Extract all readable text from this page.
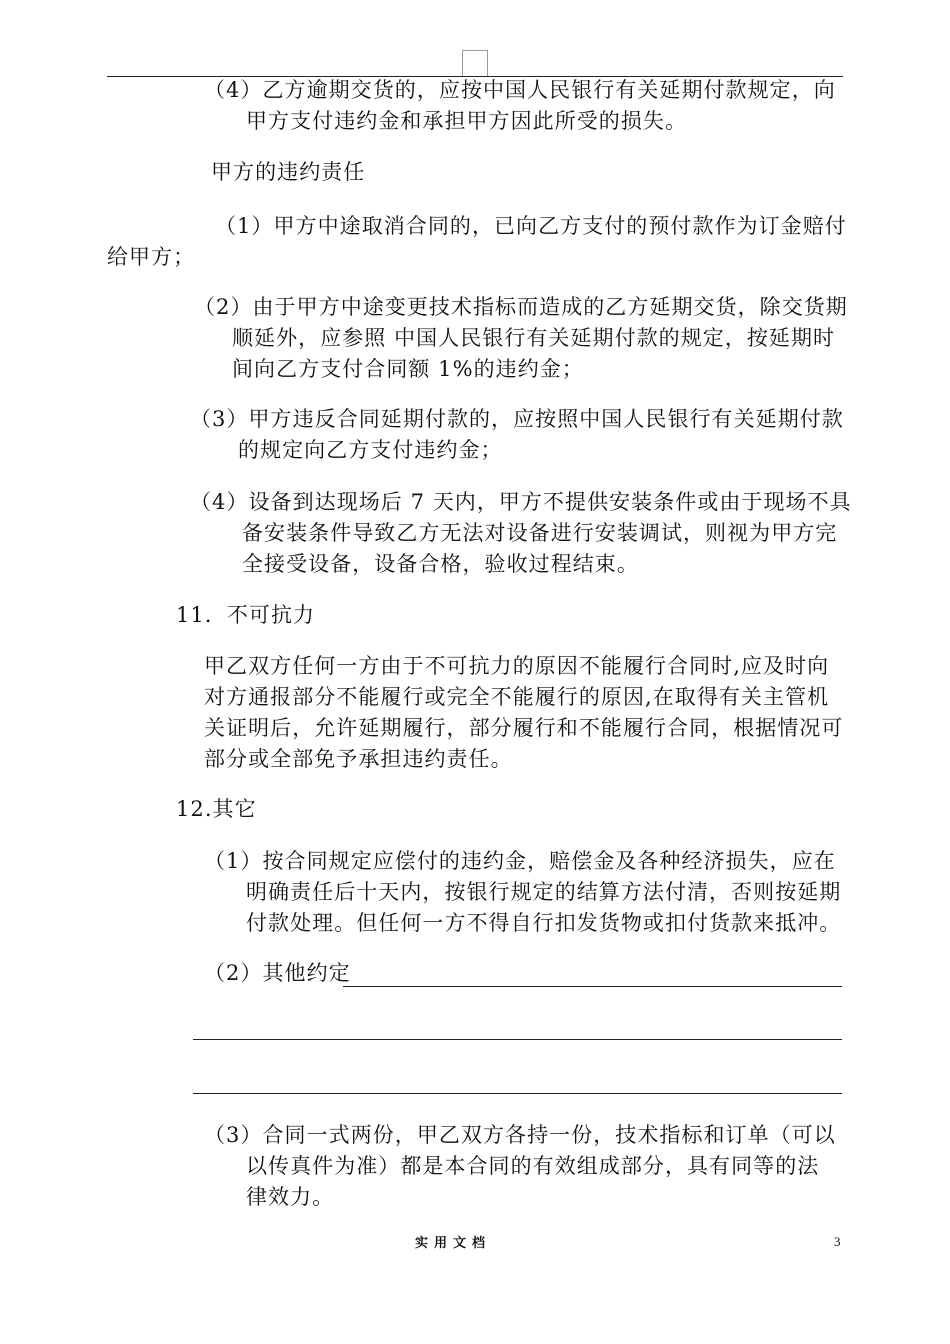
（4）乙方逾期交货的，应按中国人民银行有关延期付款规定，向
甲方支付违约金和承担甲方因此所受的损失。
甲方的违约责任
（1）甲方中途取消合同的，已向乙方支付的预付款作为订金赔付
给甲方；
（2）由于甲方中途变更技术指标而造成的乙方延期交货，除交货期
顺延外，应参照 中国人民银行有关延期付款的规定，按延期时
间向乙方支付合同额 1%的违约金；
（3）甲方违反合同延期付款的，应按照中国人民银行有关延期付款
的规定向乙方支付违约金；
（4）设备到达现场后 7 天内，甲方不提供安装条件或由于现场不具
备安装条件导致乙方无法对设备进行安装调试，则视为甲方完
全接受设备，设备合格，验收过程结束。
11．不可抗力
甲乙双方任何一方由于不可抗力的原因不能履行合同时,应及时向
对方通报部分不能履行或完全不能履行的原因,在取得有关主管机
关证明后，允许延期履行，部分履行和不能履行合同，根据情况可
部分或全部免予承担违约责任。
12.其它
（1）按合同规定应偿付的违约金，赔偿金及各种经济损失，应在
明确责任后十天内，按银行规定的结算方法付清，否则按延期
付款处理。但任何一方不得自行扣发货物或扣付货款来抵冲。
（2）其他约定
（3）合同一式两份，甲乙双方各持一份，技术指标和订单（可以
以传真件为准）都是本合同的有效组成部分，具有同等的法
律效力。
实用文档	3
